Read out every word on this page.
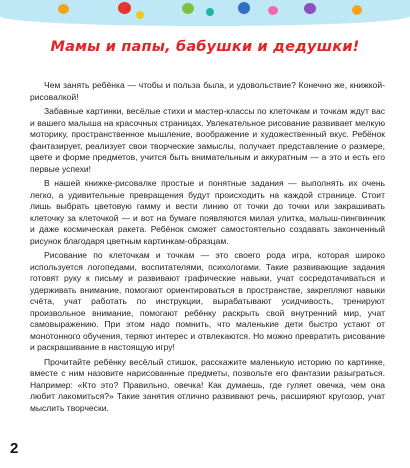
Мамы и папы, бабушки и дедушки!

Чем занять ребёнка — чтобы и польза была, и удовольствие? Конечно же, книжкой-рисовалкой!

Забавные картинки, весёлые стихи и мастер-классы по клеточкам и точкам ждут вас и вашего малыша на красочных страницах. Увлекательное рисование развивает мелкую моторику, пространственное мышление, воображение и художественный вкус. Ребёнок фантазирует, реализует свои творческие замыслы, получает представление о размере, цвете и форме предметов, учится быть внимательным и аккуратным — а это и есть его первые успехи!

В нашей книжке-рисовалке простые и понятные задания — выполнять их очень легко, а удивительные превращения будут происходить на каждой странице. Стоит лишь выбрать цветовую гамму и вести линию от точки до точки или закрашивать клеточку за клеточкой — и вот на бумаге появляются милая улитка, малыш-пингвинчик и даже космическая ракета. Ребёнок сможет самостоятельно создавать законченный рисунок благодаря цветным картинкам-образцам.

Рисование по клеточкам и точкам — это своего рода игра, которая широко используется логопедами, воспитателями, психологами. Такие развивающие задания готовят руку к письму и развивают графические навыки, учат сосредотачиваться и удерживать внимание, помогают ориентироваться в пространстве, закрепляют навыки счёта, учат работать по инструкции, вырабатывают усидчивость, тренируют произвольное внимание, помогают ребёнку раскрыть свой внутренний мир, учат самовыражению. При этом надо помнить, что маленькие дети быстро устают от монотонного обучения, теряют интерес и отвлекаются. Но можно превратить рисование и раскрашивание в настоящую игру!

Прочитайте ребёнку весёлый стишок, расскажите маленькую историю по картинке, вместе с ним назовите нарисованные предметы, позвольте его фантазии разыграться. Например: «Кто это? Правильно, овечка! Как думаешь, где гуляет овечка, чем она любит лакомиться?» Такие занятия отлично развивают речь, расширяют кругозор, учат мыслить творчески.

2
